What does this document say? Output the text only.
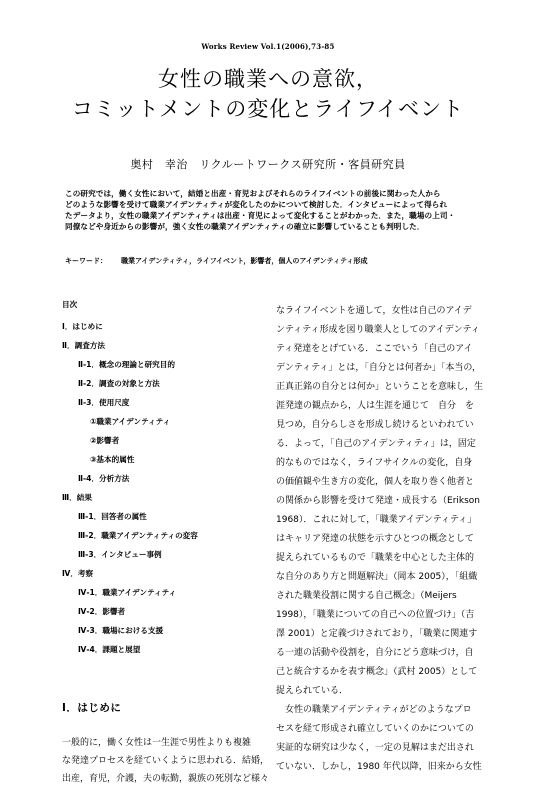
Works Review Vol.1(2006),73-85
女性の職業への意欲，
コミットメントの変化とライフイベント
奥村　幸治　リクルートワークス研究所・客員研究員
この研究では，働く女性において，結婚と出産・育児およびそれらのライフイベントの前後に関わった人から
どのような影響を受けて職業アイデンティティが変化したのかについて検討した．インタビューによって得られ
たデータより，女性の職業アイデンティティは出産・育児によって変化することがわかった．また，職場の上司・
同僚などや身近からの影響が，強く女性の職業アイデンティティの確立に影響していることも判明した．
キーワード： 職業アイデンティティ，ライフイベント，影響者，個人のアイデンティティ形成
目次
Ⅰ．はじめに
Ⅱ．調査方法
Ⅱ-1．概念の理論と研究目的
Ⅱ-2．調査の対象と方法
Ⅱ-3．使用尺度
①職業アイデンティティ
②影響者
③基本的属性
Ⅱ-4．分析方法
Ⅲ．結果
Ⅲ-1．回答者の属性
Ⅲ-2．職業アイデンティティの変容
Ⅲ-3．インタビュー事例
Ⅳ．考察
Ⅳ-1．職業アイデンティティ
Ⅳ-2．影響者
Ⅳ-3．職場における支援
Ⅳ-4．課題と展望
Ⅰ．はじめに
一般的に，働く女性は一生涯で男性よりも複雑
な発達プロセスを経ていくように思われる．結婚，
出産，育児，介護，夫の転勤，親族の死別など様々
なライフイベントを通して，女性は自己のアイデ
ンティティ形成を図り職業人としてのアイデンティ
ティ発達をとげている．ここでいう「自己のアイ
デンティティ」とは，「自分とは何者か」「本当の，
正真正銘の自分とは何か」ということを意味し，生
涯発達の観点から，人は生涯を通じて　自分　を
見つめ，自分らしさを形成し続けるといわれてい
る．よって，「自己のアイデンティティ」は，固定
的なものではなく，ライフサイクルの変化，自身
の価値観や生き方の変化，個人を取り巻く他者と
の関係から影響を受けて発達・成長する（Erikson
1968）．これに対して，「職業アイデンティティ」
はキャリア発達の状態を示すひとつの概念として
捉えられているもので「職業を中心とした主体的
な自分のあり方と問題解決」（岡本 2005），「組織
された職業役割に関する自己概念」（Meijers
1998），「職業についての自己への位置づけ」（吉
澤 2001）と定義づけされており，「職業に関連す
る一連の活動や役割を，自分にどう意味づけ，自
己と統合するかを表す概念」（武村 2005）として
捉えられている．
　女性の職業アイデンティティがどのようなプロ
セスを経て形成され確立していくのかについての
実証的な研究は少なく，一定の見解はまだ出され
ていない．しかし，1980 年代以降，旧来から女性
